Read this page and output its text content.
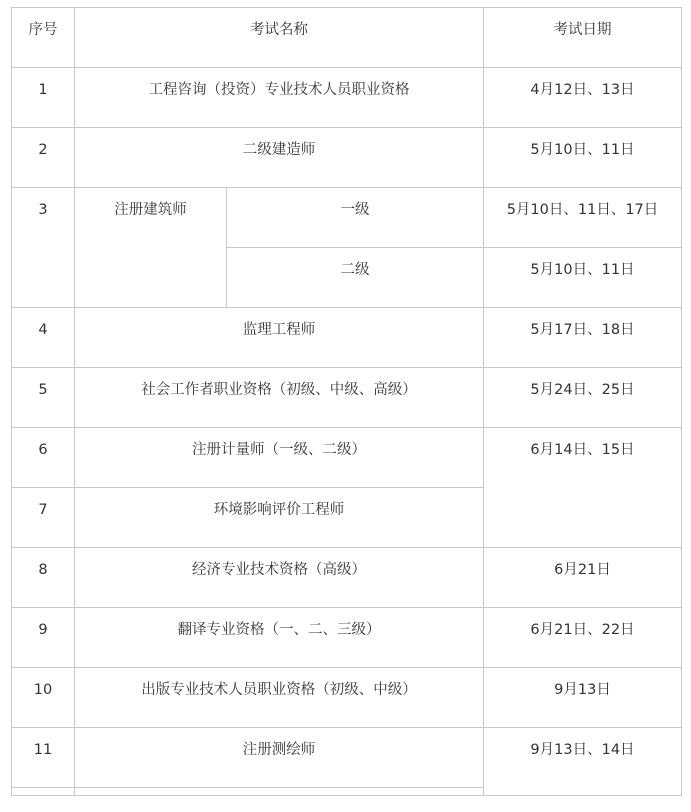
序号	考试名称		考试日期
1	工程咨询（投资）专业技术人员职业资格		4月12日、13日
2	二级建造师		5月10日、11日
3	注册建筑师	一级	5月10日、11日、17日
		二级	5月10日、11日
4	监理工程师		5月17日、18日
5	社会工作者职业资格（初级、中级、高级）		5月24日、25日
6	注册计量师（一级、二级）		6月14日、15日
7	环境影响评价工程师		
8	经济专业技术资格（高级）		6月21日
9	翻译专业资格（一、二、三级）		6月21日、22日
10	出版专业技术人员职业资格（初级、中级）		9月13日
11	注册测绘师		9月13日、14日
